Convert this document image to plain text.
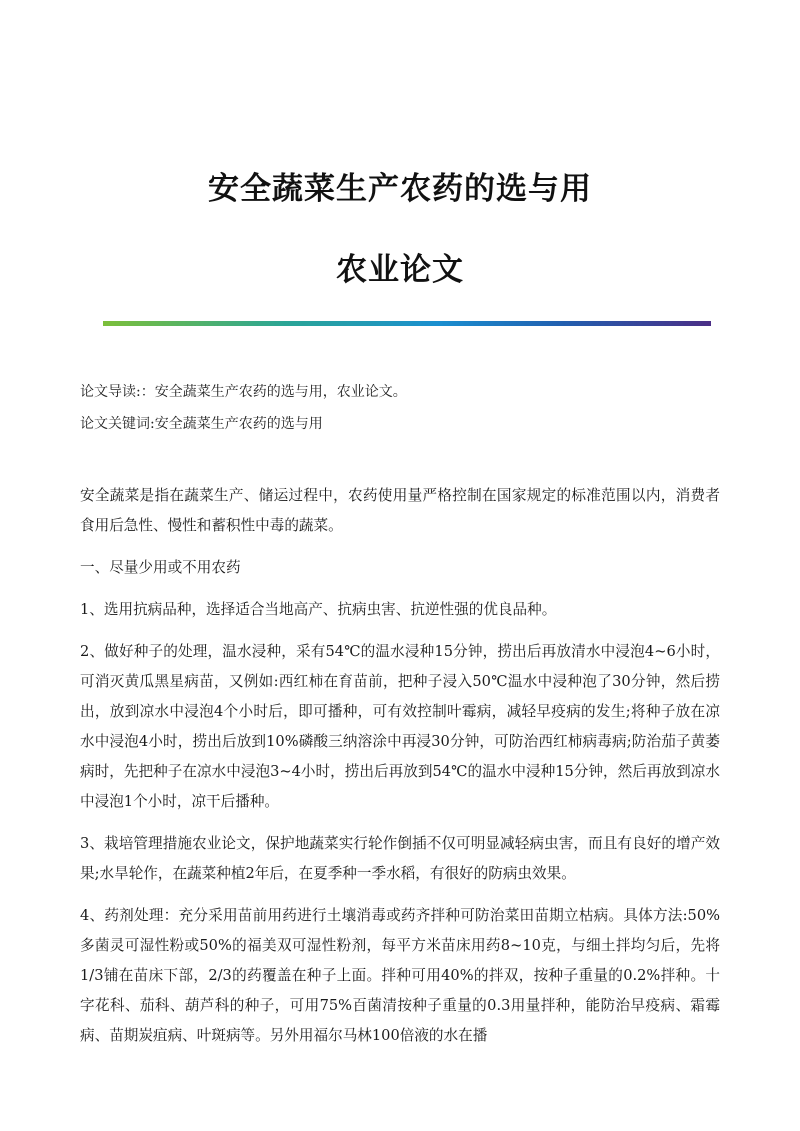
安全蔬菜生产农药的选与用
农业论文
论文导读:：安全蔬菜生产农药的选与用，农业论文。
论文关键词:安全蔬菜生产农药的选与用

安全蔬菜是指在蔬菜生产、储运过程中，农药使用量严格控制在国家规定的标准范围以内，消费者食用后急性、慢性和蓄积性中毒的蔬菜。

一、尽量少用或不用农药

1、选用抗病品种，选择适合当地高产、抗病虫害、抗逆性强的优良品种。

2、做好种子的处理，温水浸种，采有54℃的温水浸种15分钟，捞出后再放清水中浸泡4~6小时，可消灭黄瓜黑星病苗，又例如:西红柿在育苗前，把种子浸入50℃温水中浸种泡了30分钟，然后捞出，放到凉水中浸泡4个小时后，即可播种，可有效控制叶霉病，减轻早疫病的发生;将种子放在凉水中浸泡4小时，捞出后放到10%磷酸三纳溶涂中再浸30分钟，可防治西红柿病毒病;防治茄子黄萎病时，先把种子在凉水中浸泡3~4小时，捞出后再放到54℃的温水中浸种15分钟，然后再放到凉水中浸泡1个小时，凉干后播种。

3、栽培管理措施农业论文，保护地蔬菜实行轮作倒插不仅可明显减轻病虫害，而且有良好的增产效果;水旱轮作，在蔬菜种植2年后，在夏季种一季水稻，有很好的防病虫效果。

4、药剂处理：充分采用苗前用药进行土壤消毒或药齐拌种可防治菜田苗期立枯病。具体方法:50%多菌灵可湿性粉或50%的福美双可湿性粉剂，每平方米苗床用药8~10克，与细土拌均匀后，先将1/3铺在苗床下部，2/3的药覆盖在种子上面。拌种可用40%的拌双，按种子重量的0.2%拌种。十字花科、茄科、葫芦科的种子，可用75%百菌清按种子重量的0.3用量拌种，能防治早疫病、霜霉病、苗期炭疽病、叶斑病等。另外用福尔马林100倍液的水在播
